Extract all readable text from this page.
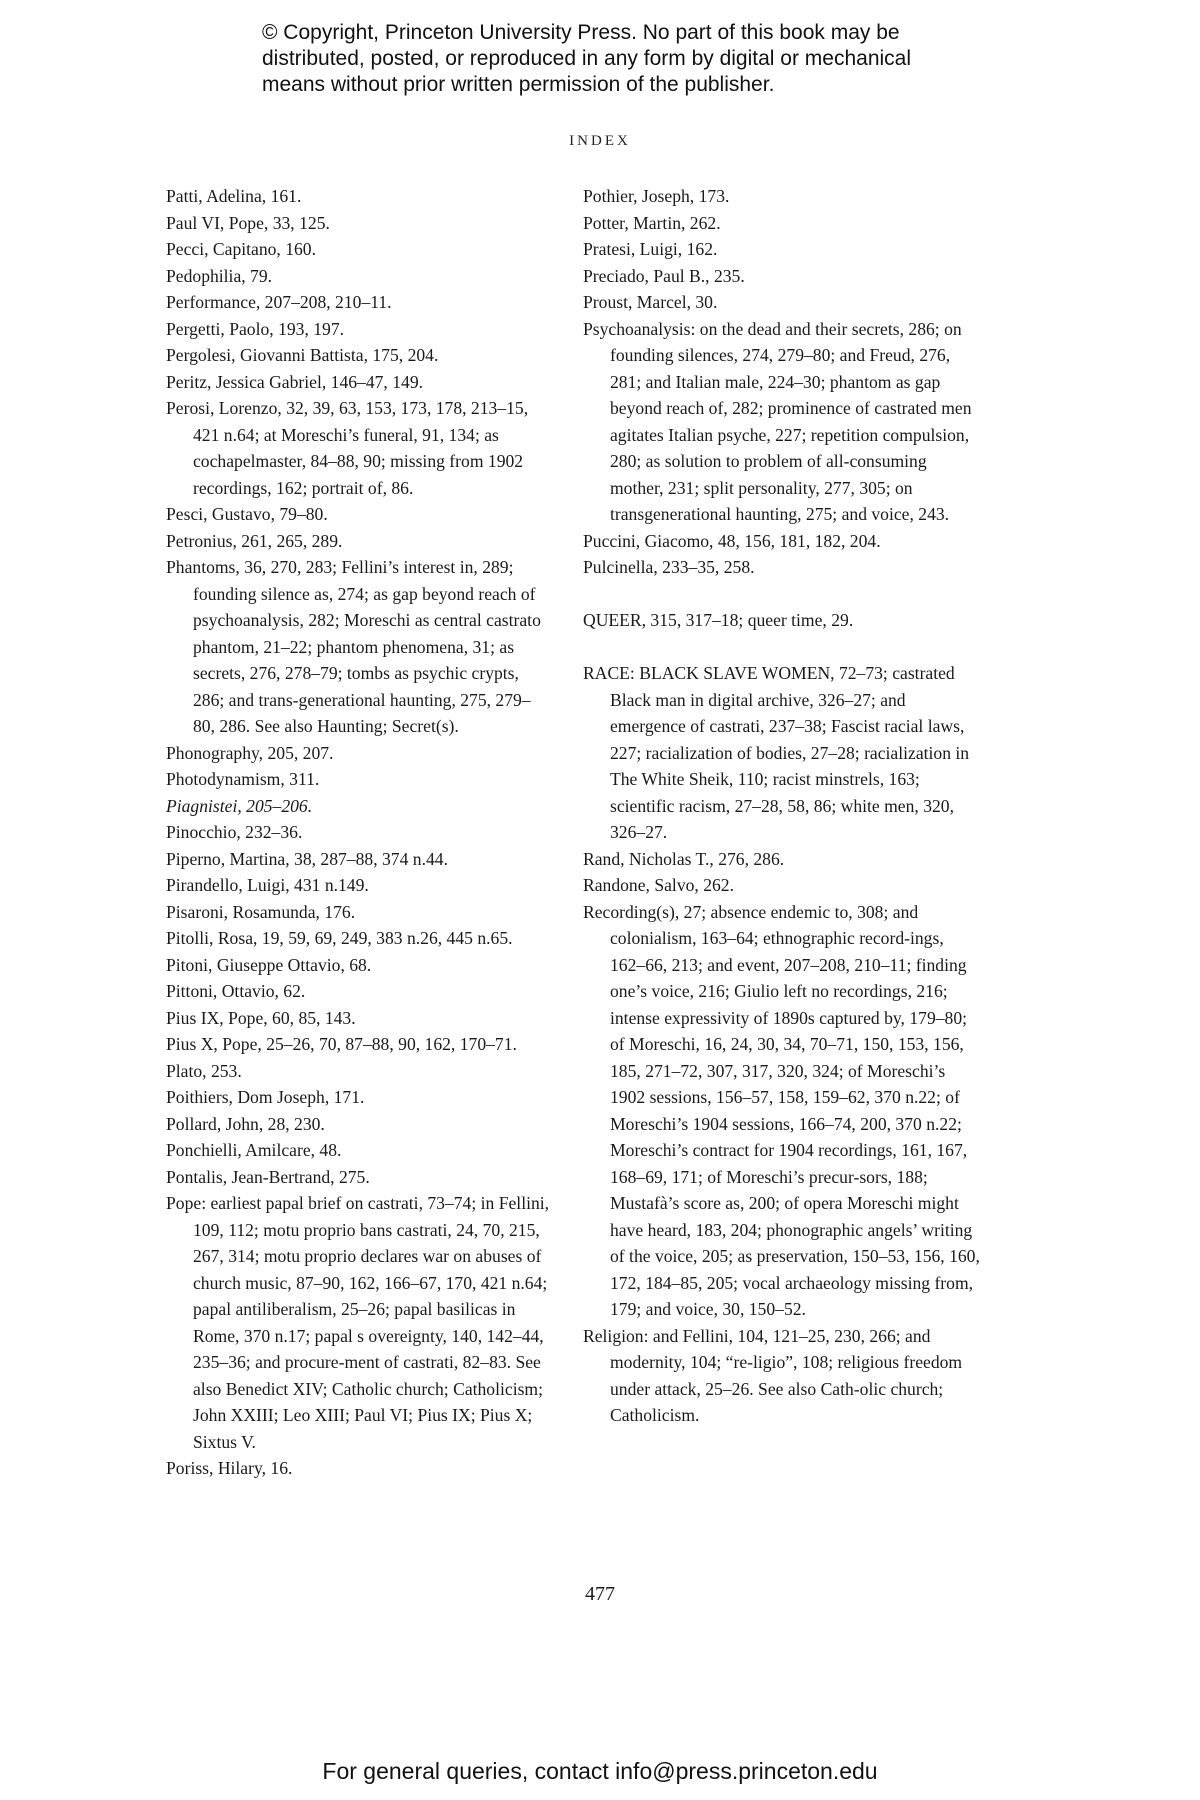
© Copyright, Princeton University Press. No part of this book may be
distributed, posted, or reproduced in any form by digital or mechanical
means without prior written permission of the publisher.
INDEX

Patti, Adelina, 161.

Paul VI, Pope, 33, 125.

Pecci, Capitano, 160.

Pedophilia, 79.

Performance, 207–208, 210–11.

Pergetti, Paolo, 193, 197.

Pergolesi, Giovanni Battista, 175, 204.

Peritz, Jessica Gabriel, 146–47, 149.

Perosi, Lorenzo, 32, 39, 63, 153, 173, 178, 213–15, 421 n.64; at Moreschi’s funeral, 91, 134; as cochapelmaster, 84–88, 90; missing from 1902 recordings, 162; portrait of, 86.

Pesci, Gustavo, 79–80.

Petronius, 261, 265, 289.

Phantoms, 36, 270, 283; Fellini’s interest in, 289; founding silence as, 274; as gap beyond reach of psychoanalysis, 282; Moreschi as central castrato phantom, 21–22; phantom phenomena, 31; as secrets, 276, 278–79; tombs as psychic crypts, 286; and trans-generational haunting, 275, 279–80, 286. See also Haunting; Secret(s).

Phonography, 205, 207.

Photodynamism, 311.

Piagnistei, 205–206.

Pinocchio, 232–36.

Piperno, Martina, 38, 287–88, 374 n.44.

Pirandello, Luigi, 431 n.149.

Pisaroni, Rosamunda, 176.

Pitolli, Rosa, 19, 59, 69, 249, 383 n.26, 445 n.65.

Pitoni, Giuseppe Ottavio, 68.

Pittoni, Ottavio, 62.

Pius IX, Pope, 60, 85, 143.

Pius X, Pope, 25–26, 70, 87–88, 90, 162, 170–71.

Plato, 253.

Poithiers, Dom Joseph, 171.

Pollard, John, 28, 230.

Ponchielli, Amilcare, 48.

Pontalis, Jean-Bertrand, 275.

Pope: earliest papal brief on castrati, 73–74; in Fellini, 109, 112; motu proprio bans castrati, 24, 70, 215, 267, 314; motu proprio declares war on abuses of church music, 87–90, 162, 166–67, 170, 421 n.64; papal antiliberalism, 25–26; papal basilicas in Rome, 370 n.17; papal s overeignty, 140, 142–44, 235–36; and procure-ment of castrati, 82–83. See also Benedict XIV; Catholic church; Catholicism; John XXIII; Leo XIII; Paul VI; Pius IX; Pius X; Sixtus V.

Poriss, Hilary, 16.

Pothier, Joseph, 173.

Potter, Martin, 262.

Pratesi, Luigi, 162.

Preciado, Paul B., 235.

Proust, Marcel, 30.

Psychoanalysis: on the dead and their secrets, 286; on founding silences, 274, 279–80; and Freud, 276, 281; and Italian male, 224–30; phantom as gap beyond reach of, 282; prominence of castrated men agitates Italian psyche, 227; repetition compulsion, 280; as solution to problem of all-consuming mother, 231; split personality, 277, 305; on transgenerational haunting, 275; and voice, 243.

Puccini, Giacomo, 48, 156, 181, 182, 204.

Pulcinella, 233–35, 258.

QUEER, 315, 317–18; queer time, 29.

RACE: BLACK SLAVE WOMEN, 72–73; castrated Black man in digital archive, 326–27; and emergence of castrati, 237–38; Fascist racial laws, 227; racialization of bodies, 27–28; racialization in The White Sheik, 110; racist minstrels, 163; scientific racism, 27–28, 58, 86; white men, 320, 326–27.

Rand, Nicholas T., 276, 286.

Randone, Salvo, 262.

Recording(s), 27; absence endemic to, 308; and colonialism, 163–64; ethnographic record-ings, 162–66, 213; and event, 207–208, 210–11; finding one’s voice, 216; Giulio left no recordings, 216; intense expressivity of 1890s captured by, 179–80; of Moreschi, 16, 24, 30, 34, 70–71, 150, 153, 156, 185, 271–72, 307, 317, 320, 324; of Moreschi’s 1902 sessions, 156–57, 158, 159–62, 370 n.22; of Moreschi’s 1904 sessions, 166–74, 200, 370 n.22; Moreschi’s contract for 1904 recordings, 161, 167, 168–69, 171; of Moreschi’s precur-sors, 188; Mustafà’s score as, 200; of opera Moreschi might have heard, 183, 204; phonographic angels’ writing of the voice, 205; as preservation, 150–53, 156, 160, 172, 184–85, 205; vocal archaeology missing from, 179; and voice, 30, 150–52.

Religion: and Fellini, 104, 121–25, 230, 266; and modernity, 104; “re-ligio”, 108; religious freedom under attack, 25–26. See also Cath-olic church; Catholicism.

477
For general queries, contact info@press.princeton.edu
